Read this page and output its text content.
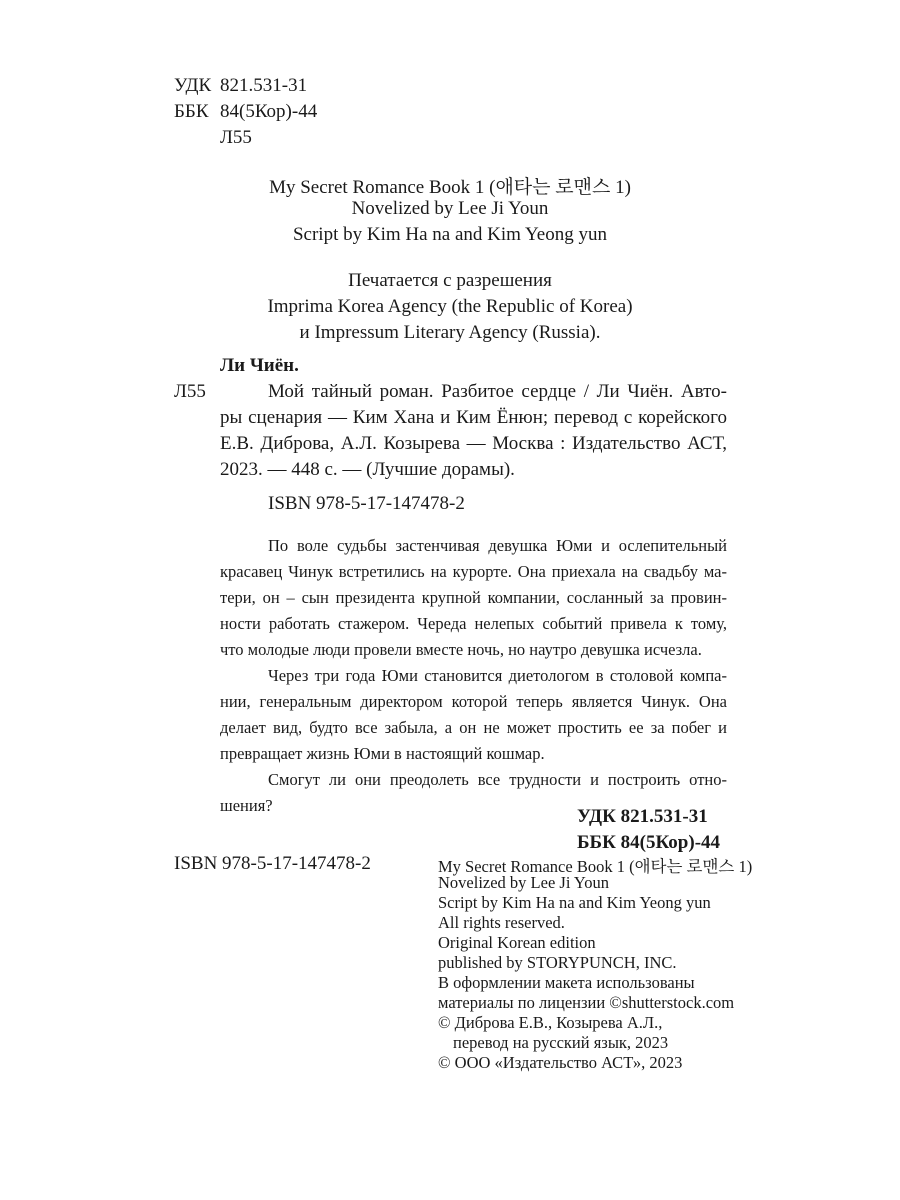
УДК 821.531-31
ББК 84(5Кор)-44
Л55
My Secret Romance Book 1 (애타는 로맨스 1)
Novelized by Lee Ji Youn
Script by Kim Ha na and Kim Yeong yun
Печатается с разрешения
Imprima Korea Agency (the Republic of Korea)
и Impressum Literary Agency (Russia).
Ли Чиён.
Л55	Мой тайный роман. Разбитое сердце / Ли Чиён. Авто-
ры сценария — Ким Хана и Ким Ёнюн; перевод с корейского
Е.В. Диброва, А.Л. Козырева — Москва : Издательство АСТ,
2023. — 448 с. — (Лучшие дорамы).
ISBN 978-5-17-147478-2
По воле судьбы застенчивая девушка Юми и ослепительный
красавец Чинук встретились на курорте. Она приехала на свадьбу ма-
тери, он – сын президента крупной компании, сосланный за провин-
ности работать стажером. Череда нелепых событий привела к тому,
что молодые люди провели вместе ночь, но наутро девушка исчезла.
Через три года Юми становится диетологом в столовой компа-
нии, генеральным директором которой теперь является Чинук. Она
делает вид, будто все забыла, а он не может простить ее за побег и
превращает жизнь Юми в настоящий кошмар.
Смогут ли они преодолеть все трудности и построить отно-
шения?
УДК 821.531-31
ББК 84(5Кор)-44
ISBN 978-5-17-147478-2	My Secret Romance Book 1 (애타는 로맨스 1)
Novelized by Lee Ji Youn
Script by Kim Ha na and Kim Yeong yun
All rights reserved.
Original Korean edition
published by STORYPUNCH, INC.
В оформлении макета использованы
материалы по лицензии ©shutterstock.com
© Диброва Е.В., Козырева А.Л.,
перевод на русский язык, 2023
© ООО «Издательство АСТ», 2023
